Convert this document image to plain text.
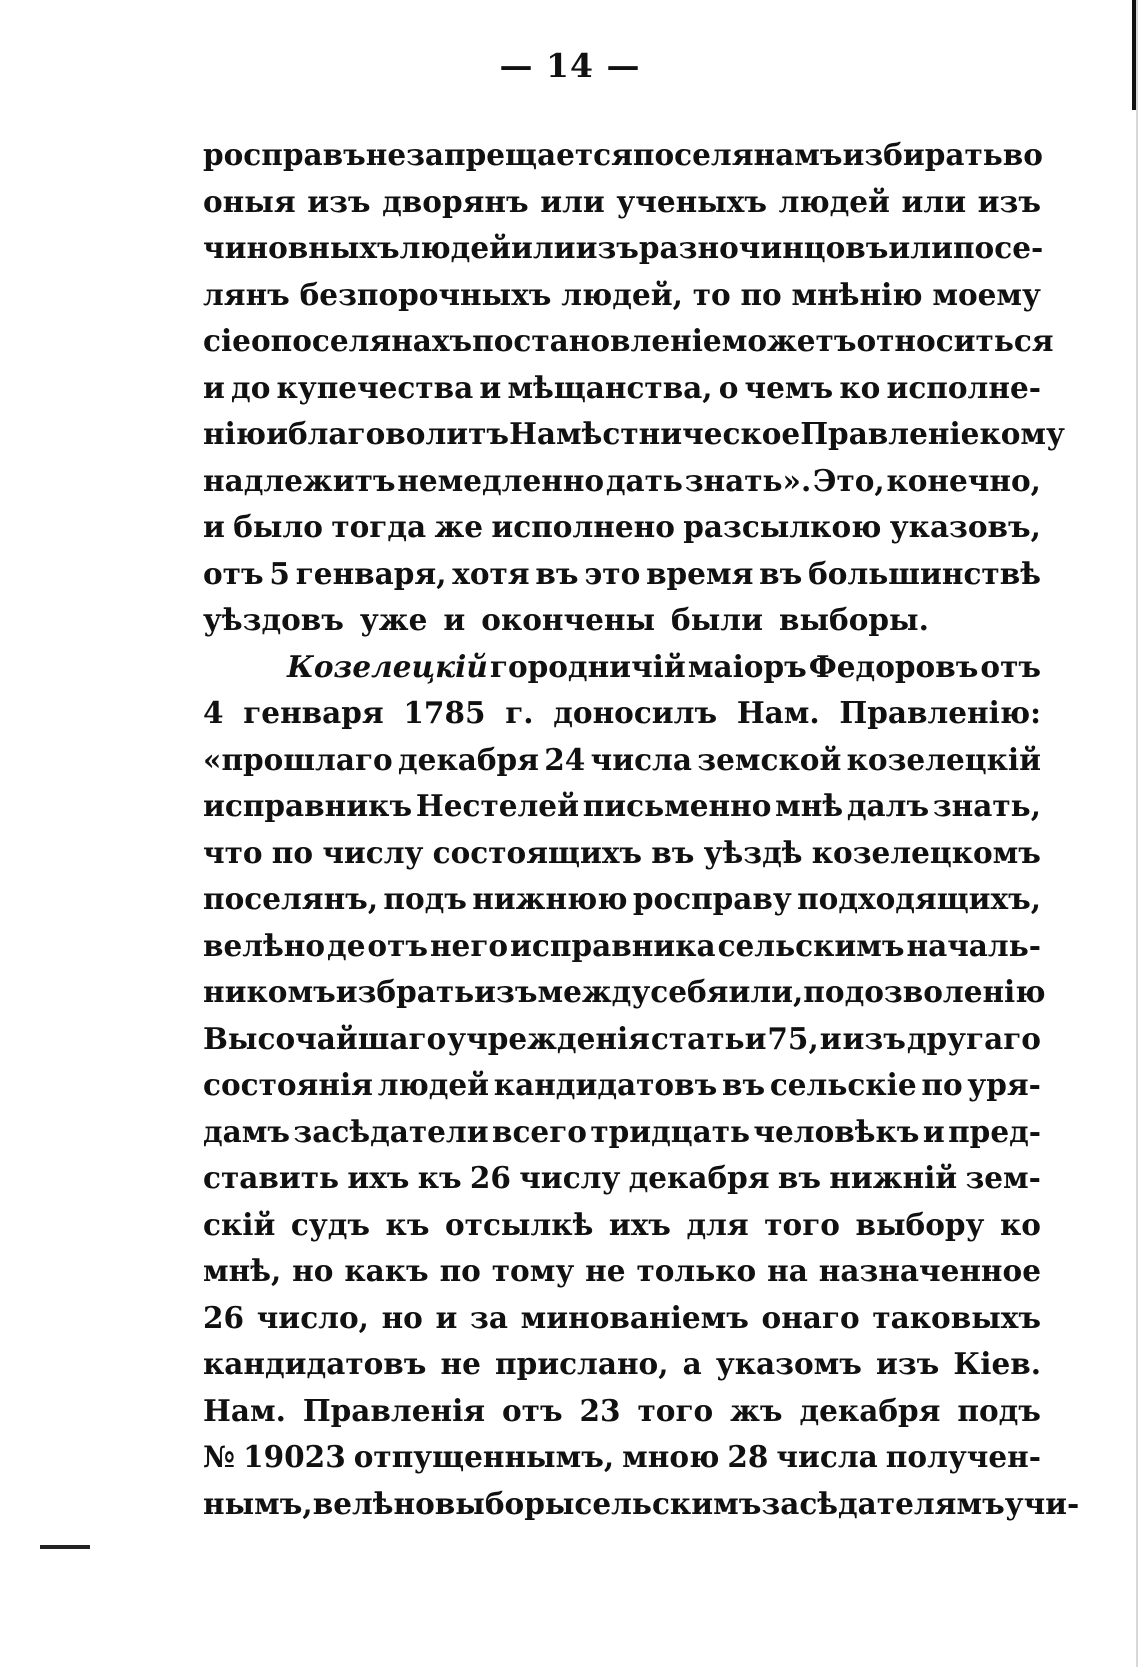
— 14 —
росправъ не запрещается поселянамъ избирать во
оныя изъ дворянъ или ученыхъ людей или изъ
чиновныхъ людей или изъ разночинцовъ или посе-
лянъ безпорочныхъ людей, то по мнѣнію моему
сіе о поселянахъ постановленіе можетъ относиться
и до купечества и мѣщанства, о чемъ ко исполне-
нію и благоволитъ Намѣстническое Правленіе кому
надлежитъ немедленно дать знать». Это, конечно,
и было тогда же исполнено разсылкою указовъ,
отъ 5 генваря, хотя въ это время въ большинствѣ
уѣздовъ уже и окончены были выборы.
Козелецкій городничій маіоръ Федоровъ отъ
4 генваря 1785 г. доносилъ Нам. Правленію:
«прошлаго декабря 24 числа земской козелецкій
исправникъ Нестелей письменно мнѣ далъ знать,
что по числу состоящихъ въ уѣздѣ козелецкомъ
поселянъ, подъ нижнюю росправу подходящихъ,
велѣно де отъ него исправника сельскимъ началь-
никомъ избрать изъ между себя или, по дозволенію
Высочайшаго учрежденія статьи 75, и изъ другаго
состоянія людей кандидатовъ въ сельскіе по уря-
дамъ засѣдатели всего тридцать человѣкъ и пред-
ставить ихъ къ 26 числу декабря въ нижній зем-
скій судъ къ отсылкѣ ихъ для того выбору ко
мнѣ, но какъ по тому не только на назначенное
26 число, но и за минованіемъ онаго таковыхъ
кандидатовъ не прислано, а указомъ изъ Кіев.
Нам. Правленія отъ 23 того жъ декабря подъ
№ 19023 отпущеннымъ, мною 28 числа получен-
нымъ, велѣно выборы сельскимъ засѣдателямъ учи-
